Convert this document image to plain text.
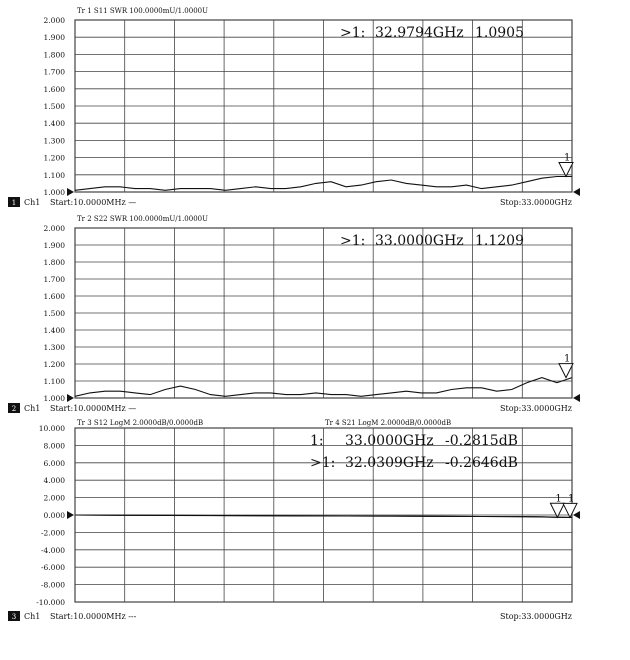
2.000
1.900
1.800
1.700
1.600
1.500
1.400
1.300
1.200
1.100
1.000
Tr 1 S11 SWR 100.0000mU/1.0000U
1
>1: 32.9794GHz 1.0905
1 Ch1 Start:10.0000MHz —	Stop:33.0000GHz
2.000
1.900
1.800
1.700
1.600
1.500
1.400
1.300
1.200
1.100
1.000
Tr 2 S22 SWR 100.0000mU/1.0000U
1
>1: 33.0000GHz 1.1209
2 Ch1 Start:10.0000MHz —	Stop:33.0000GHz
10.000
8.000
6.000
4.000
2.000
0.000
-2.000
-4.000
-6.000
-8.000
-10.000
Tr 3 S12 LogM 2.0000dB/0.0000dB	Tr 4 S21 LogM 2.0000dB/0.0000dB
1 1
1: 33.0000GHz -0.2815dB
>1: 32.0309GHz -0.2646dB
3 Ch1 Start:10.0000MHz ---	Stop:33.0000GHz
